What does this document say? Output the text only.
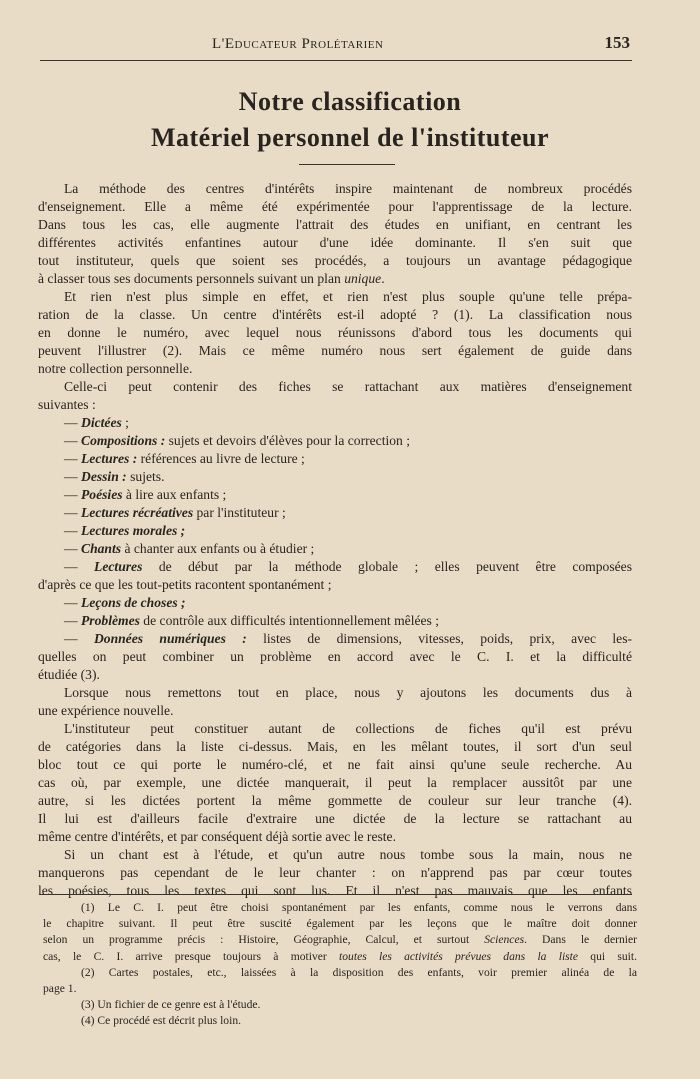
L'Educateur Prolétarien	153
Notre classification
Matériel personnel de l'instituteur
La méthode des centres d'intérêts inspire maintenant de nombreux procédés
d'enseignement. Elle a même été expérimentée pour l'apprentissage de la lecture.
Dans tous les cas, elle augmente l'attrait des études en unifiant, en centrant les
différentes activités enfantines autour d'une idée dominante. Il s'en suit que
tout instituteur, quels que soient ses procédés, a toujours un avantage pédagogique
à classer tous ses documents personnels suivant un plan unique.
Et rien n'est plus simple en effet, et rien n'est plus souple qu'une telle prépa-
ration de la classe. Un centre d'intérêts est-il adopté ? (1). La classification nous
en donne le numéro, avec lequel nous réunissons d'abord tous les documents qui
peuvent l'illustrer (2). Mais ce même numéro nous sert également de guide dans
notre collection personnelle.
Celle-ci peut contenir des fiches se rattachant aux matières d'enseignement
suivantes :
— Dictées ;
— Compositions : sujets et devoirs d'élèves pour la correction ;
— Lectures : références au livre de lecture ;
— Dessin : sujets.
— Poésies à lire aux enfants ;
— Lectures récréatives par l'instituteur ;
— Lectures morales ;
— Chants à chanter aux enfants ou à étudier ;
— Lectures de début par la méthode globale ; elles peuvent être composées
d'après ce que les tout-petits racontent spontanément ;
— Leçons de choses ;
— Problèmes de contrôle aux difficultés intentionnellement mêlées ;
— Données numériques : listes de dimensions, vitesses, poids, prix, avec les-
quelles on peut combiner un problème en accord avec le C. I. et la difficulté
étudiée (3).
Lorsque nous remettons tout en place, nous y ajoutons les documents dus à
une expérience nouvelle.
L'instituteur peut constituer autant de collections de fiches qu'il est prévu
de catégories dans la liste ci-dessus. Mais, en les mêlant toutes, il sort d'un seul
bloc tout ce qui porte le numéro-clé, et ne fait ainsi qu'une seule recherche. Au
cas où, par exemple, une dictée manquerait, il peut la remplacer aussitôt par une
autre, si les dictées portent la même gommette de couleur sur leur tranche (4).
Il lui est d'ailleurs facile d'extraire une dictée de la lecture se rattachant au
même centre d'intérêts, et par conséquent déjà sortie avec le reste.
Si un chant est à l'étude, et qu'un autre nous tombe sous la main, nous ne
manquerons pas cependant de le leur chanter : on n'apprend pas par cœur toutes
les poésies, tous les textes qui sont lus. Et il n'est pas mauvais que les enfants
(1) Le C. I. peut être choisi spontanément par les enfants, comme nous le verrons dans
le chapitre suivant. Il peut être suscité également par les leçons que le maître doit donner
selon un programme précis : Histoire, Géographie, Calcul, et surtout Sciences. Dans le dernier
cas, le C. I. arrive presque toujours à motiver toutes les activités prévues dans la liste qui suit.
(2) Cartes postales, etc., laissées à la disposition des enfants, voir premier alinéa de la
page 1.
(3) Un fichier de ce genre est à l'étude.
(4) Ce procédé est décrit plus loin.
